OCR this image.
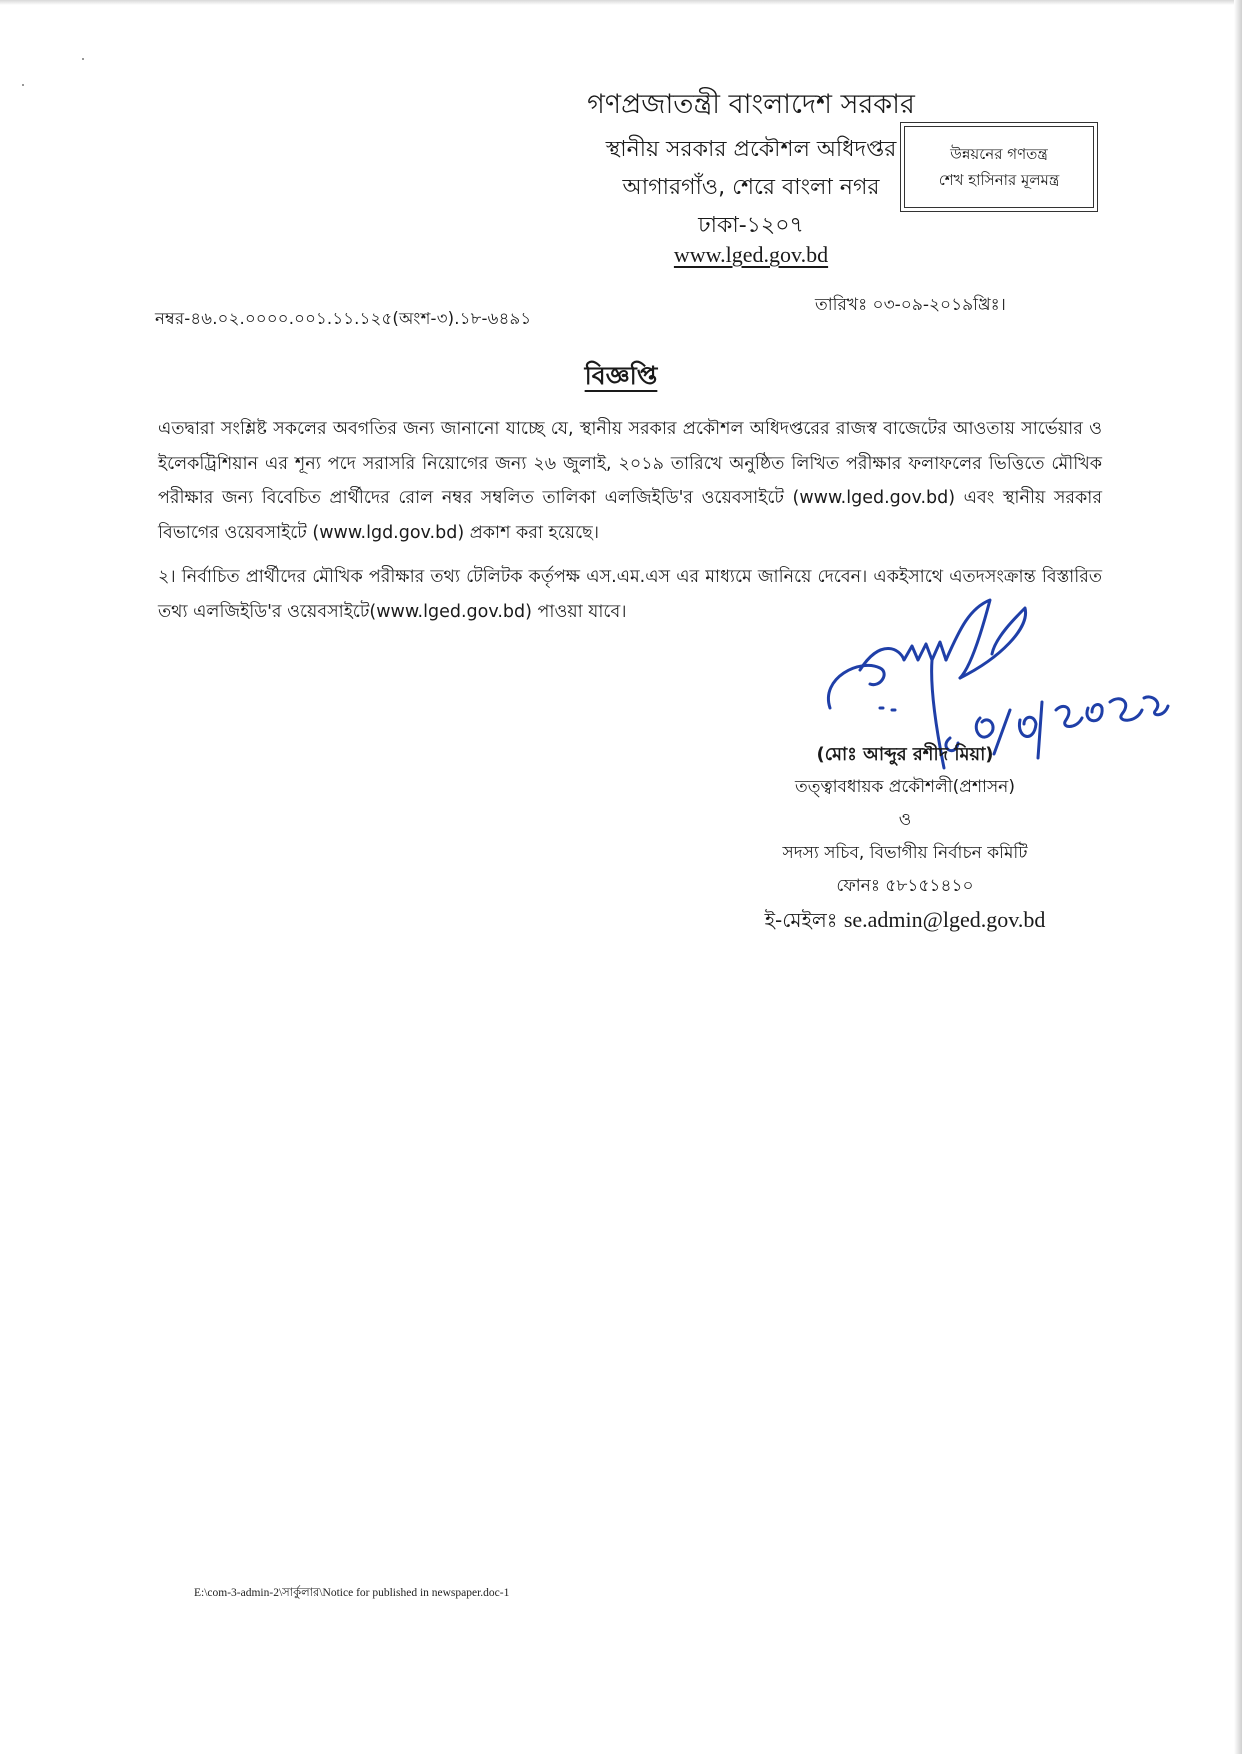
গণপ্রজাতন্ত্রী বাংলাদেশ সরকার
স্থানীয় সরকার প্রকৌশল অধিদপ্তর
আগারগাঁও, শেরে বাংলা নগর
ঢাকা-১২০৭
www.lged.gov.bd
উন্নয়নের গণতন্ত্র
শেখ হাসিনার মূলমন্ত্র
নম্বর-৪৬.০২.০০০০.০০১.১১.১২৫(অংশ-৩).১৮-৬৪৯১
তারিখঃ ০৩-০৯-২০১৯খ্রিঃ।
বিজ্ঞপ্তি
এতদ্বারা সংশ্লিষ্ট সকলের অবগতির জন্য জানানো যাচ্ছে যে, স্থানীয় সরকার প্রকৌশল অধিদপ্তরের রাজস্ব বাজেটের আওতায় সার্ভেয়ার ও ইলেকট্রিশিয়ান এর শূন্য পদে সরাসরি নিয়োগের জন্য ২৬ জুলাই, ২০১৯ তারিখে অনুষ্ঠিত লিখিত পরীক্ষার ফলাফলের ভিত্তিতে মৌখিক পরীক্ষার জন্য বিবেচিত প্রার্থীদের রোল নম্বর সম্বলিত তালিকা এলজিইডি'র ওয়েবসাইটে (www.lged.gov.bd) এবং স্থানীয় সরকার বিভাগের ওয়েবসাইটে (www.lgd.gov.bd) প্রকাশ করা হয়েছে।
২। নির্বাচিত প্রার্থীদের মৌখিক পরীক্ষার তথ্য টেলিটক কর্তৃপক্ষ এস.এম.এস এর মাধ্যমে জানিয়ে দেবেন। একইসাথে এতদসংক্রান্ত বিস্তারিত তথ্য এলজিইডি'র ওয়েবসাইটে(www.lged.gov.bd) পাওয়া যাবে।
(মোঃ আব্দুর রশীদ মিয়া)
তত্ত্বাবধায়ক প্রকৌশলী(প্রশাসন)
ও
সদস্য সচিব, বিভাগীয় নির্বাচন কমিটি
ফোনঃ ৫৮১৫১৪১০
ই-মেইলঃ se.admin@lged.gov.bd
E:\com-3-admin-2\সার্কুলার\Notice for published in newspaper.doc-1
